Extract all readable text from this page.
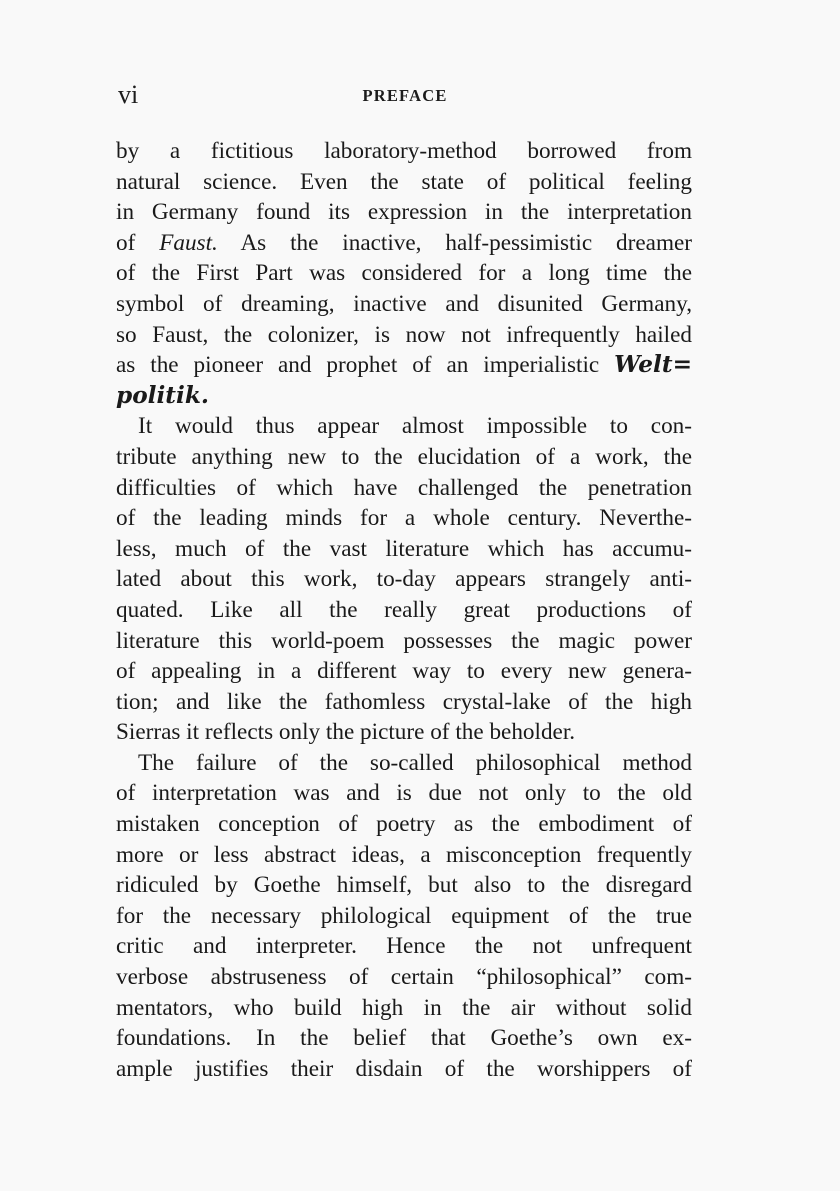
vi	PREFACE
by a fictitious laboratory-method borrowed from
natural science. Even the state of political feeling
in Germany found its expression in the interpretation
of Faust. As the inactive, half-pessimistic dreamer
of the First Part was considered for a long time the
symbol of dreaming, inactive and disunited Germany,
so Faust, the colonizer, is now not infrequently hailed
as the pioneer and prophet of an imperialistic Welt=
politik.
It would thus appear almost impossible to con-
tribute anything new to the elucidation of a work, the
difficulties of which have challenged the penetration
of the leading minds for a whole century. Neverthe-
less, much of the vast literature which has accumu-
lated about this work, to-day appears strangely anti-
quated. Like all the really great productions of
literature this world-poem possesses the magic power
of appealing in a different way to every new genera-
tion; and like the fathomless crystal-lake of the high
Sierras it reflects only the picture of the beholder.
The failure of the so-called philosophical method
of interpretation was and is due not only to the old
mistaken conception of poetry as the embodiment of
more or less abstract ideas, a misconception frequently
ridiculed by Goethe himself, but also to the disregard
for the necessary philological equipment of the true
critic and interpreter. Hence the not unfrequent
verbose abstruseness of certain “philosophical” com-
mentators, who build high in the air without solid
foundations. In the belief that Goethe’s own ex-
ample justifies their disdain of the worshippers of
